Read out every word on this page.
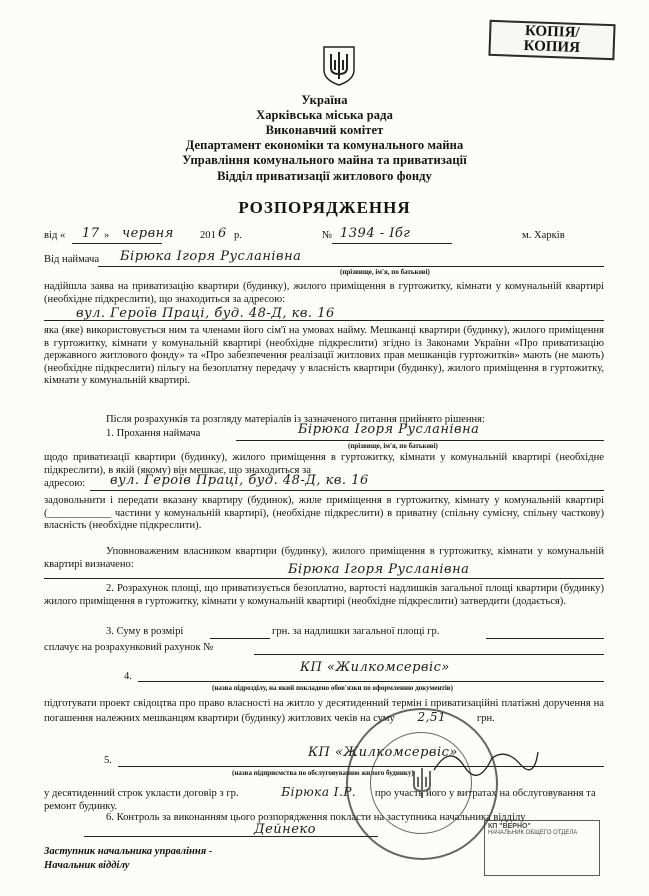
КОПІЯ/
КОПИЯ
Україна
Харківська міська рада
Виконавчий комітет
Департамент економіки та комунального майна
Управління комунального майна та приватизації
Відділ приватизації житлового фонду
РОЗПОРЯДЖЕННЯ
від « 17 » червня 201 6 р.	№ 1394 - Ібг	м. Харків
Від наймача Бірюка Ігоря Русланівна
(прізвище, ім'я, по батькові)
надійшла заява на приватизацію квартири (будинку), жилого приміщення в гуртожитку, кімнати у комунальній квартирі (необхідне підкреслити), що знаходиться за адресою:
вул. Героїв Праці, буд. 48-Д, кв. 16
яка (яке) використовується ним та членами його сім'ї на умовах найму. Мешканці квартири (будинку), жилого приміщення в гуртожитку, кімнати у комунальній квартирі (необхідне підкреслити) згідно із Законами України «Про приватизацію державного житлового фонду» та «Про забезпечення реалізації житлових прав мешканців гуртожитків» мають (не мають) (необхідне підкреслити) пільгу на безоплатну передачу у власність квартири (будинку), жилого приміщення в гуртожитку, кімнати у комунальній квартирі.
Після розрахунків та розгляду матеріалів із зазначеного питання прийнято рішення:
1. Прохання наймача	Бірюка Ігоря Русланівна
(прізвище, ім'я, по батькові)
щодо приватизації квартири (будинку), жилого приміщення в гуртожитку, кімнати у комунальній квартирі (необхідне підкреслити), в якій (якому) він мешкає, що знаходиться за
адресою: вул. Героїв Праці, буд. 48-Д, кв. 16
задовольнити і передати вказану квартиру (будинок), жиле приміщення в гуртожитку, кімнату у комунальній квартирі (____________ частини у комунальній квартирі), (необхідне підкреслити) в приватну (спільну сумісну, спільну часткову) власність (необхідне підкреслити).
Уповноваженим власником квартири (будинку), жилого приміщення в гуртожитку, кімнати у комунальній квартирі визначено:	Бірюка Ігоря Русланівна
2. Розрахунок площі, що приватизується безоплатно, вартості надлишків загальної площі квартири (будинку) жилого приміщення в гуртожитку, кімнати у комунальній квартирі (необхідне підкреслити) затвердити (додається).
3. Суму в розмірі	грн. за надлишки загальної площі гр.
сплачує на розрахунковий рахунок №
4.
КП «Жилкомсервіс»
(назва підрозділу, на який покладено обов'язки по оформленню документів)
підготувати проект свідоцтва про право власності на житло у десятиденний термін і приватизаційні платіжні доручення на погашення належних мешканцям квартири (будинку) житлових чеків на суму 2,51	грн.
5.
КП «Жилкомсервіс»
(назва підприємства по обслуговуванню жилого будинку)
у десятиденний строк укласти договір з гр.	Бірюка І.Р. про участь його у витратах на обслуговування та ремонт будинку.
6. Контроль за виконанням цього розпорядження покласти на заступника начальника відділу
Дейнеко
Заступник начальника управління -
Начальник відділу
КП "ВЕРНО"
НАЧАЛЬНИК ОБЩЕГО ОТДЕЛА
